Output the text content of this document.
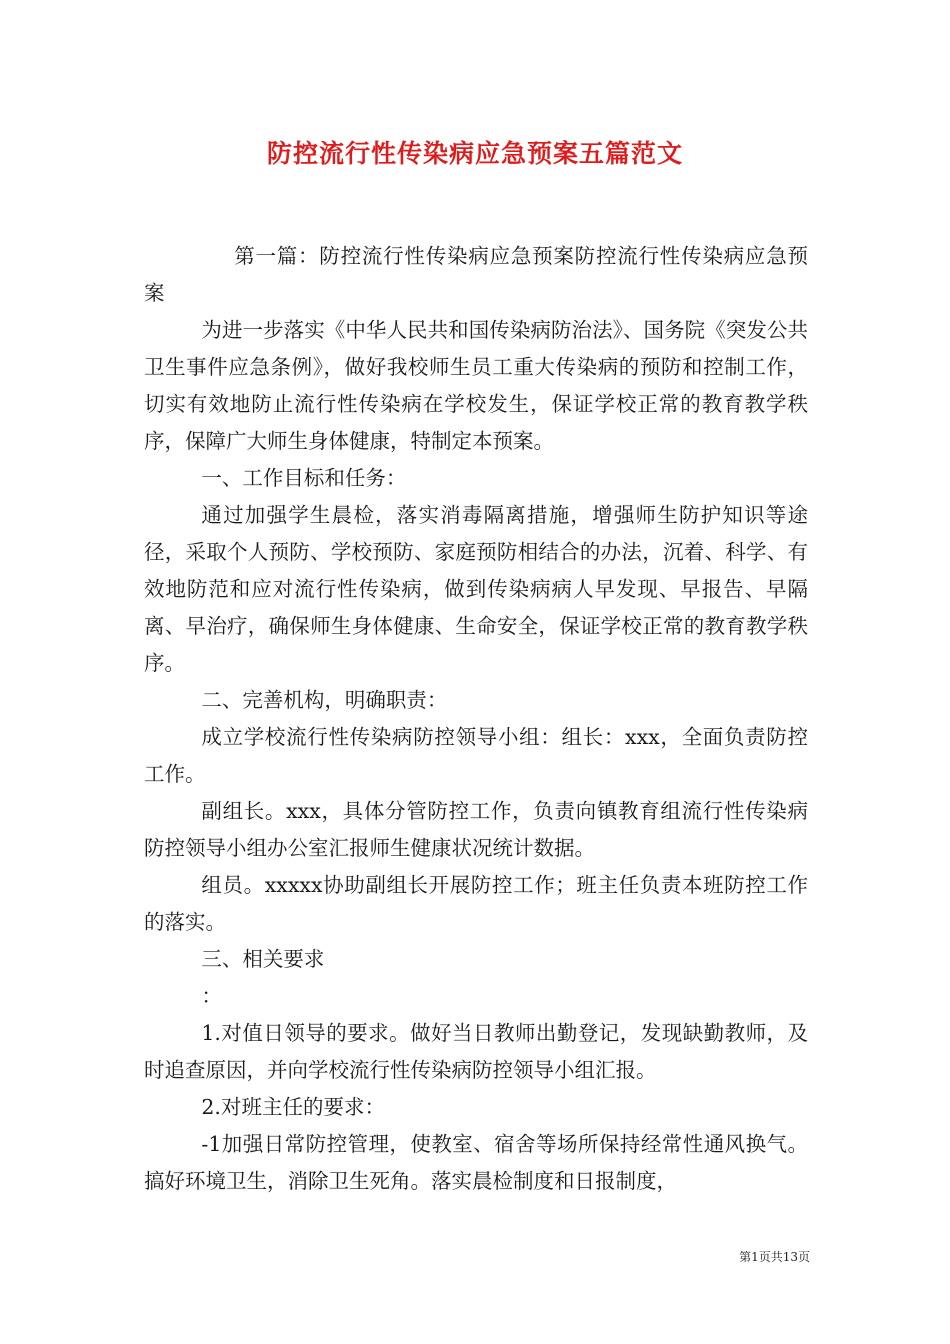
防控流行性传染病应急预案五篇范文

第一篇：防控流行性传染病应急预案防控流行性传染病应急预案

为进一步落实《中华人民共和国传染病防治法》、国务院《突发公共卫生事件应急条例》，做好我校师生员工重大传染病的预防和控制工作，切实有效地防止流行性传染病在学校发生，保证学校正常的教育教学秩序，保障广大师生身体健康，特制定本预案。

一、工作目标和任务：

通过加强学生晨检，落实消毒隔离措施，增强师生防护知识等途径，采取个人预防、学校预防、家庭预防相结合的办法，沉着、科学、有效地防范和应对流行性传染病，做到传染病病人早发现、早报告、早隔离、早治疗，确保师生身体健康、生命安全，保证学校正常的教育教学秩序。

二、完善机构，明确职责：

成立学校流行性传染病防控领导小组：组长：xxx，全面负责防控工作。

副组长。xxx，具体分管防控工作，负责向镇教育组流行性传染病防控领导小组办公室汇报师生健康状况统计数据。

组员。xxxxx协助副组长开展防控工作；班主任负责本班防控工作的落实。

三、相关要求

：

1.对值日领导的要求。做好当日教师出勤登记，发现缺勤教师，及时追查原因，并向学校流行性传染病防控领导小组汇报。

2.对班主任的要求：

-1加强日常防控管理，使教室、宿舍等场所保持经常性通风换气。搞好环境卫生，消除卫生死角。落实晨检制度和日报制度，

第1页共13页
